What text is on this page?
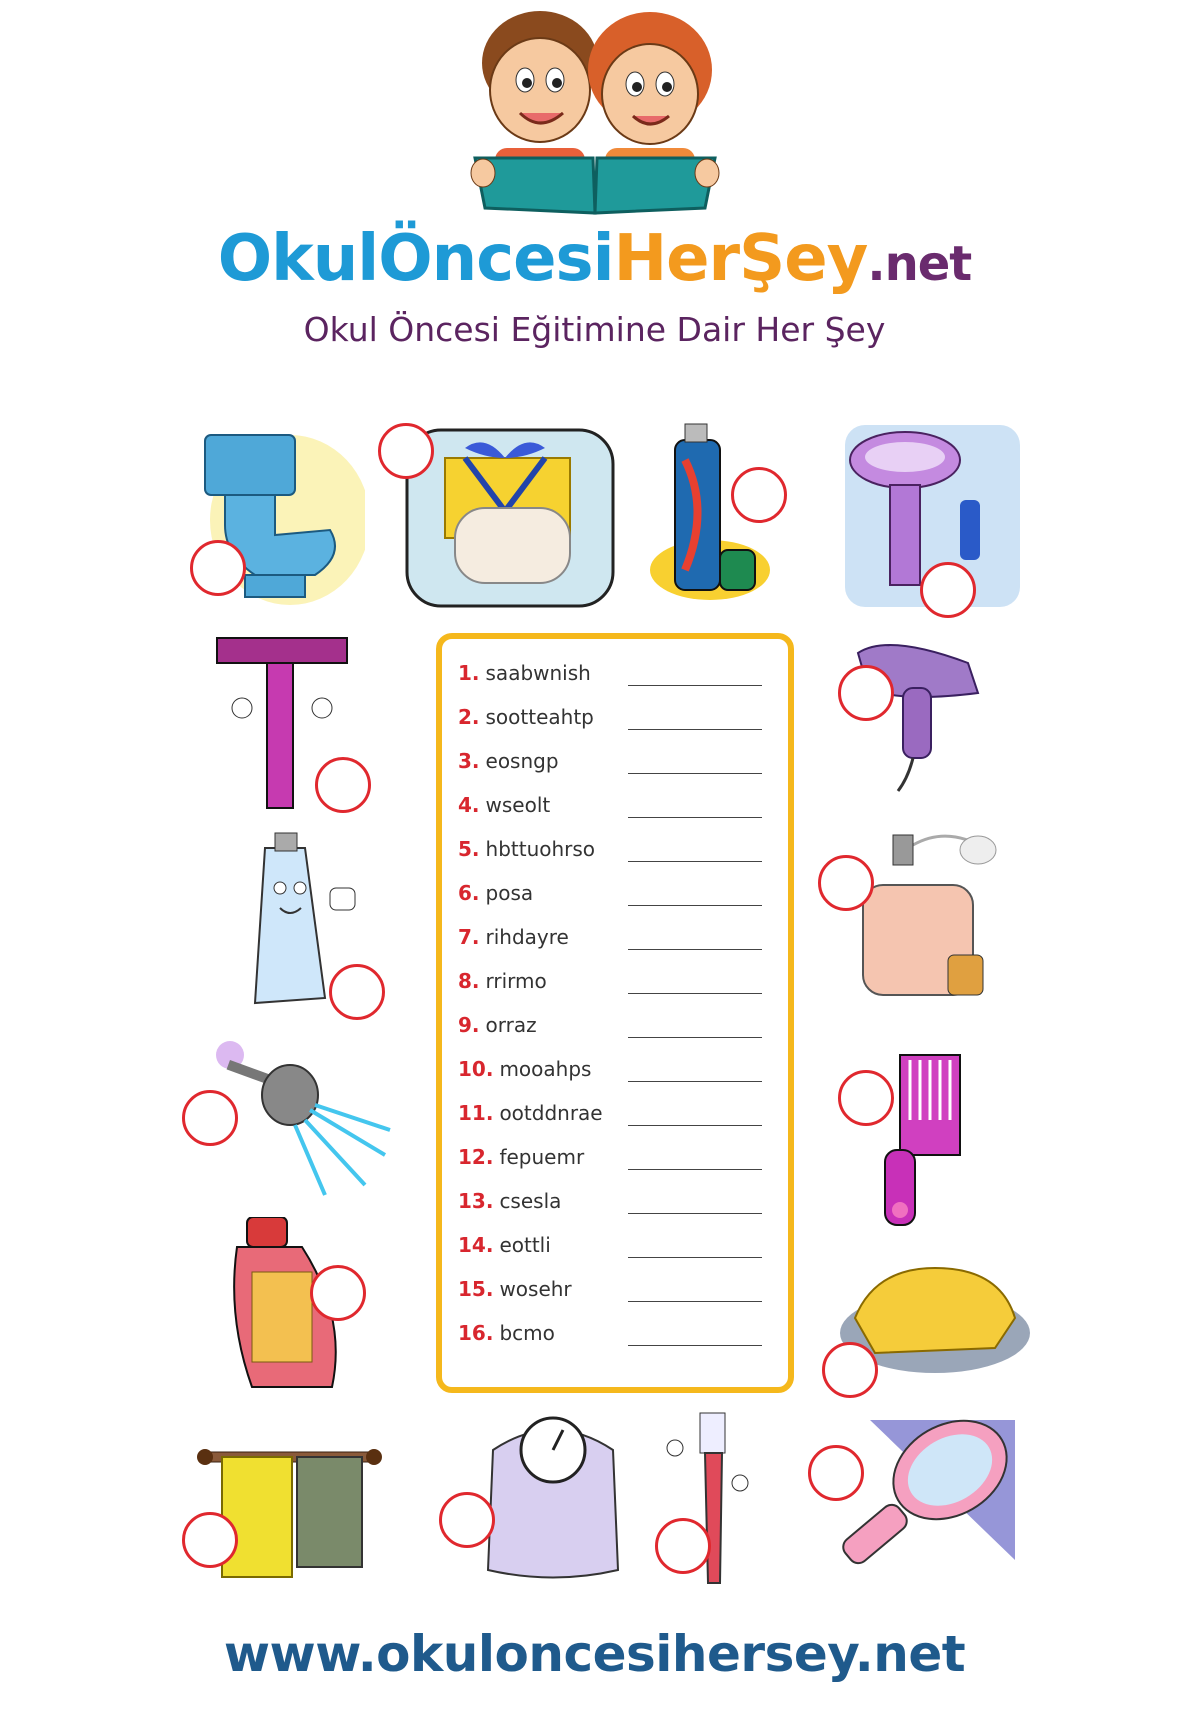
OkulÖncesiHerŞey.net
Okul Öncesi Eğitimine Dair Her Şey
1. saabwnish
2. sootteahtp
3. eosngp
4. wseolt
5. hbttuohrso
6. posa
7. rihdayre
8. rrirmo
9. orraz
10. mooahps
11. ootddnrae
12. fepuemr
13. csesla
14. eottli
15. wosehr
16. bcmo
www.okuloncesihersey.net
